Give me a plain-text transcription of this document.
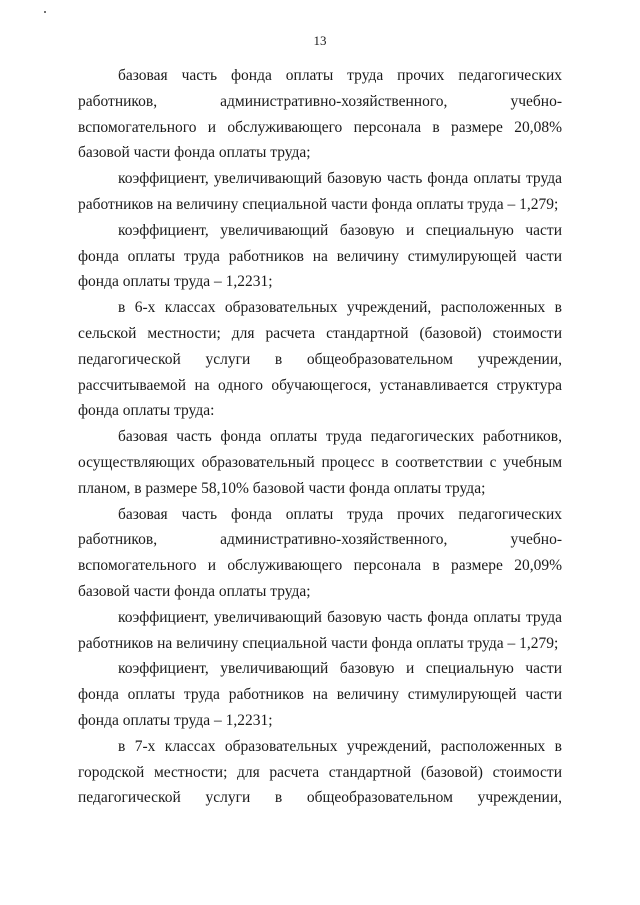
13

базовая часть фонда оплаты труда прочих педагогических работников, административно-хозяйственного, учебно-вспомогательного и обслуживающего персонала в размере 20,08% базовой части фонда оплаты труда;

коэффициент, увеличивающий базовую часть фонда оплаты труда работников на величину специальной части фонда оплаты труда – 1,279;

коэффициент, увеличивающий базовую и специальную части фонда оплаты труда работников на величину стимулирующей части фонда оплаты труда – 1,2231;

в 6-х классах образовательных учреждений, расположенных в сельской местности; для расчета стандартной (базовой) стоимости педагогической услуги в общеобразовательном учреждении, рассчитываемой на одного обучающегося, устанавливается структура фонда оплаты труда:

базовая часть фонда оплаты труда педагогических работников, осуществляющих образовательный процесс в соответствии с учебным планом, в размере 58,10% базовой части фонда оплаты труда;

базовая часть фонда оплаты труда прочих педагогических работников, административно-хозяйственного, учебно-вспомогательного и обслуживающего персонала в размере 20,09% базовой части фонда оплаты труда;

коэффициент, увеличивающий базовую часть фонда оплаты труда работников на величину специальной части фонда оплаты труда – 1,279;

коэффициент, увеличивающий базовую и специальную части фонда оплаты труда работников на величину стимулирующей части фонда оплаты труда – 1,2231;

в 7-х классах образовательных учреждений, расположенных в городской местности; для расчета стандартной (базовой) стоимости педагогической услуги в общеобразовательном учреждении,
